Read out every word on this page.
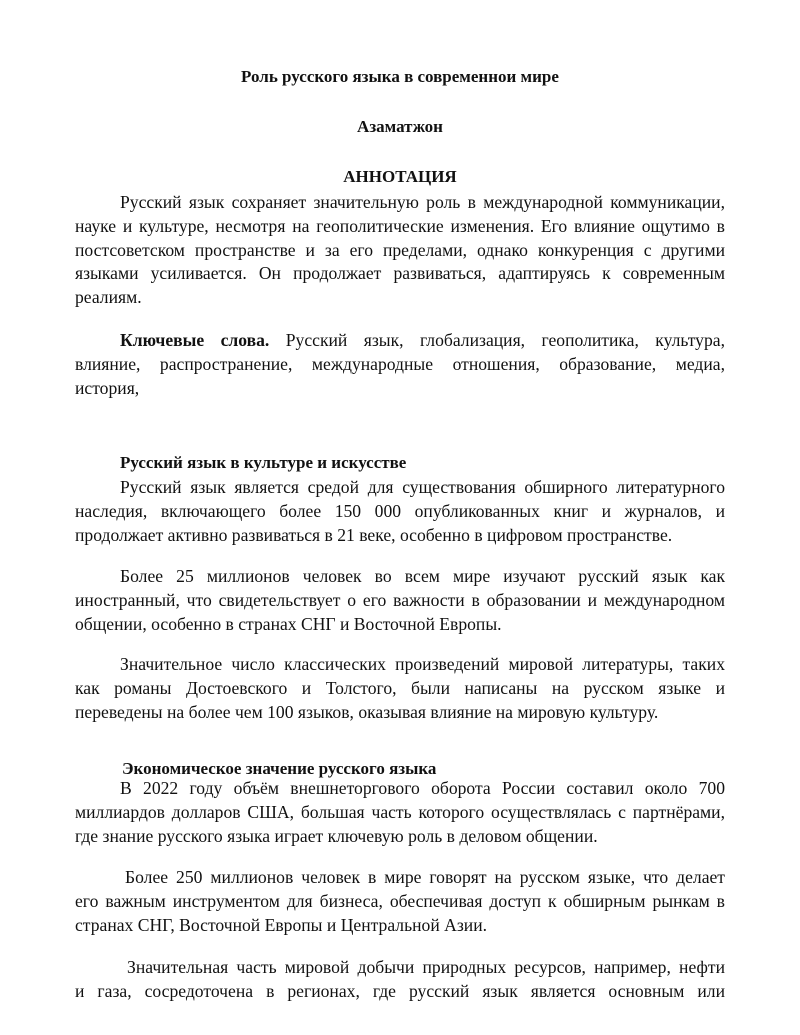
Роль русского языка в современнои мире
Азаматжон
АННОТАЦИЯ
Русский язык сохраняет значительную роль в международной коммуникации,
науке и культуре, несмотря на геополитические изменения. Его влияние ощутимо в
постсоветском пространстве и за его пределами, однако конкуренция с другими
языками усиливается. Он продолжает развиваться, адаптируясь к современным
реалиям.
Ключевые слова. Русский язык, глобализация, геополитика, культура,
влияние, распространение, международные отношения, образование, медиа,
история,
Русский язык в культуре и искусстве
Русский язык является средой для существования обширного литературного
наследия, включающего более 150 000 опубликованных книг и журналов, и
продолжает активно развиваться в 21 веке, особенно в цифровом пространстве.
Более 25 миллионов человек во всем мире изучают русский язык как
иностранный, что свидетельствует о его важности в образовании и международном
общении, особенно в странах СНГ и Восточной Европы.
Значительное число классических произведений мировой литературы, таких
как романы Достоевского и Толстого, были написаны на русском языке и
переведены на более чем 100 языков, оказывая влияние на мировую культуру.
Экономическое значение русского языка
В 2022 году объём внешнеторгового оборота России составил около 700
миллиардов долларов США, большая часть которого осуществлялась с партнёрами,
где знание русского языка играет ключевую роль в деловом общении.
Более 250 миллионов человек в мире говорят на русском языке, что делает
его важным инструментом для бизнеса, обеспечивая доступ к обширным рынкам в
странах СНГ, Восточной Европы и Центральной Азии.
Значительная часть мировой добычи природных ресурсов, например, нефти
и газа, сосредоточена в регионах, где русский язык является основным или
